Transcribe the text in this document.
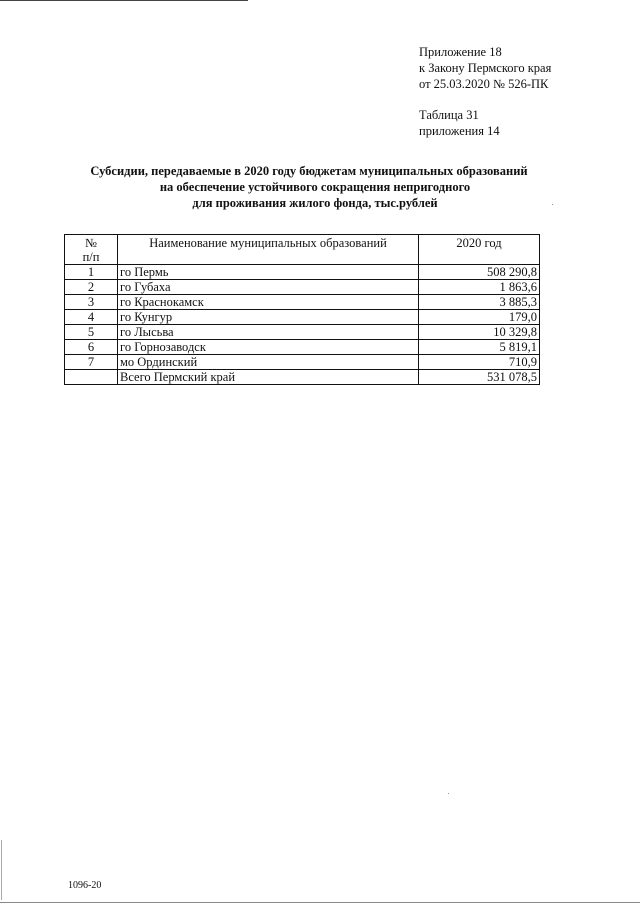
Приложение 18
к Закону Пермского края
от 25.03.2020 № 526-ПК
Таблица 31
приложения 14
Субсидии, передаваемые в 2020 году бюджетам муниципальных образований
на обеспечение устойчивого сокращения непригодного
для проживания жилого фонда, тыс.рублей
№
п/п	Наименование муниципальных образований	2020 год
1	го Пермь	508 290,8
2	го Губаха	1 863,6
3	го Краснокамск	3 885,3
4	го Кунгур	179,0
5	го Лысьва	10 329,8
6	го Горнозаводск	5 819,1
7	мо Ординский	710,9
	Всего Пермский край	531 078,5
1096-20
